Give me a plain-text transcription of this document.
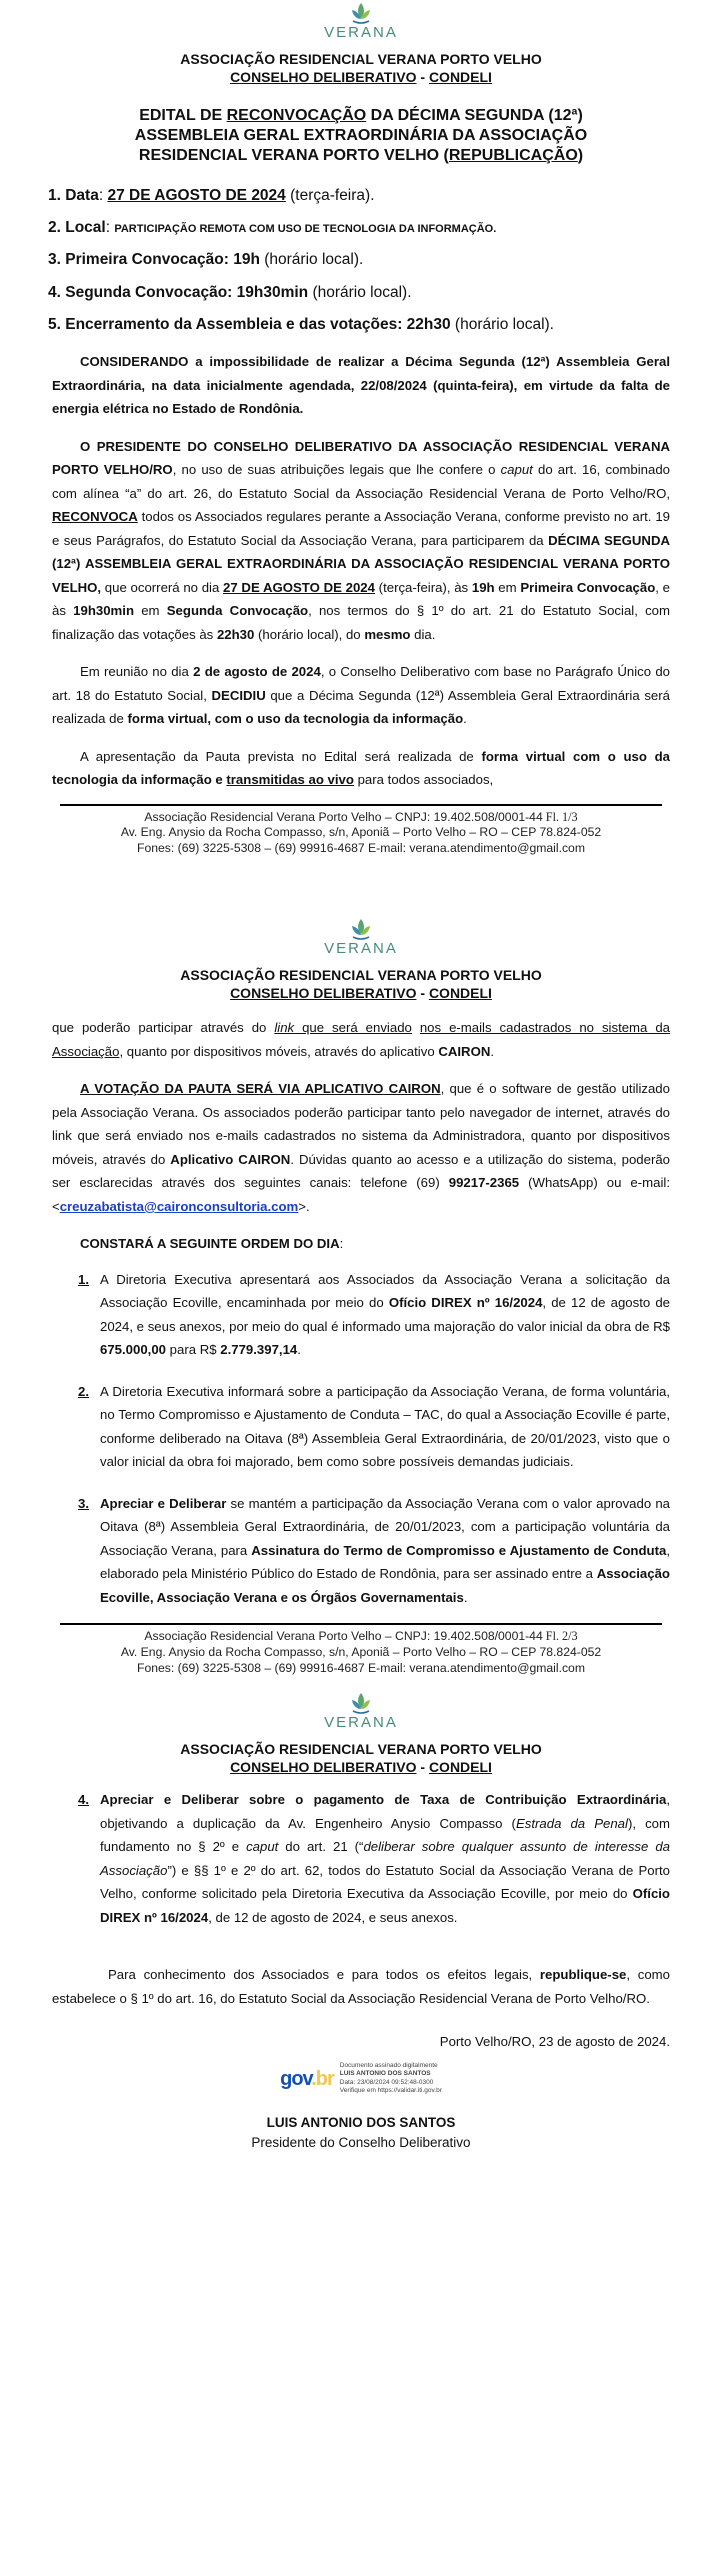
VERANA
ASSOCIAÇÃO RESIDENCIAL VERANA PORTO VELHO
CONSELHO DELIBERATIVO - CONDELI
EDITAL DE RECONVOCAÇÃO DA DÉCIMA SEGUNDA (12ª)
ASSEMBLEIA GERAL EXTRAORDINÁRIA DA ASSOCIAÇÃO
RESIDENCIAL VERANA PORTO VELHO (REPUBLICAÇÃO)
1. Data: 27 DE AGOSTO DE 2024 (terça-feira).
2. Local: PARTICIPAÇÃO REMOTA COM USO DE TECNOLOGIA DA INFORMAÇÃO.
3. Primeira Convocação: 19h (horário local).
4. Segunda Convocação: 19h30min (horário local).
5. Encerramento da Assembleia e das votações: 22h30 (horário local).

CONSIDERANDO a impossibilidade de realizar a Décima Segunda (12ª) Assembleia Geral Extraordinária, na data inicialmente agendada, 22/08/2024 (quinta-feira), em virtude da falta de energia elétrica no Estado de Rondônia.

O PRESIDENTE DO CONSELHO DELIBERATIVO DA ASSOCIAÇÃO RESIDENCIAL VERANA PORTO VELHO/RO, no uso de suas atribuições legais que lhe confere o caput do art. 16, combinado com alínea “a” do art. 26, do Estatuto Social da Associação Residencial Verana de Porto Velho/RO, RECONVOCA todos os Associados regulares perante a Associação Verana, conforme previsto no art. 19 e seus Parágrafos, do Estatuto Social da Associação Verana, para participarem da DÉCIMA SEGUNDA (12ª) ASSEMBLEIA GERAL EXTRAORDINÁRIA DA ASSOCIAÇÃO RESIDENCIAL VERANA PORTO VELHO, que ocorrerá no dia 27 DE AGOSTO DE 2024 (terça-feira), às 19h em Primeira Convocação, e às 19h30min em Segunda Convocação, nos termos do § 1º do art. 21 do Estatuto Social, com finalização das votações às 22h30 (horário local), do mesmo dia.

Em reunião no dia 2 de agosto de 2024, o Conselho Deliberativo com base no Parágrafo Único do art. 18 do Estatuto Social, DECIDIU que a Décima Segunda (12ª) Assembleia Geral Extraordinária será realizada de forma virtual, com o uso da tecnologia da informação.

A apresentação da Pauta prevista no Edital será realizada de forma virtual com o uso da tecnologia da informação e transmitidas ao vivo para todos associados,

Associação Residencial Verana Porto Velho – CNPJ: 19.402.508/0001-44 Fl. 1/3
Av. Eng. Anysio da Rocha Compasso, s/n, Aponiã – Porto Velho – RO – CEP 78.824-052
Fones: (69) 3225-5308 – (69) 99916-4687 E-mail: verana.atendimento@gmail.com
VERANA
ASSOCIAÇÃO RESIDENCIAL VERANA PORTO VELHO
CONSELHO DELIBERATIVO - CONDELI

que poderão participar através do link que será enviado nos e-mails cadastrados no sistema da Associação, quanto por dispositivos móveis, através do aplicativo CAIRON.

A VOTAÇÃO DA PAUTA SERÁ VIA APLICATIVO CAIRON, que é o software de gestão utilizado pela Associação Verana. Os associados poderão participar tanto pelo navegador de internet, através do link que será enviado nos e-mails cadastrados no sistema da Administradora, quanto por dispositivos móveis, através do Aplicativo CAIRON. Dúvidas quanto ao acesso e a utilização do sistema, poderão ser esclarecidas através dos seguintes canais: telefone (69) 99217-2365 (WhatsApp) ou e-mail: <creuzabatista@caironconsultoria.com>.

CONSTARÁ A SEGUINTE ORDEM DO DIA:

1. A Diretoria Executiva apresentará aos Associados da Associação Verana a solicitação da Associação Ecoville, encaminhada por meio do Ofício DIREX nº 16/2024, de 12 de agosto de 2024, e seus anexos, por meio do qual é informado uma majoração do valor inicial da obra de R$ 675.000,00 para R$ 2.779.397,14.
2. A Diretoria Executiva informará sobre a participação da Associação Verana, de forma voluntária, no Termo Compromisso e Ajustamento de Conduta – TAC, do qual a Associação Ecoville é parte, conforme deliberado na Oitava (8ª) Assembleia Geral Extraordinária, de 20/01/2023, visto que o valor inicial da obra foi majorado, bem como sobre possíveis demandas judiciais.
3. Apreciar e Deliberar se mantém a participação da Associação Verana com o valor aprovado na Oitava (8ª) Assembleia Geral Extraordinária, de 20/01/2023, com a participação voluntária da Associação Verana, para Assinatura do Termo de Compromisso e Ajustamento de Conduta, elaborado pela Ministério Público do Estado de Rondônia, para ser assinado entre a Associação Ecoville, Associação Verana e os Órgãos Governamentais.
Associação Residencial Verana Porto Velho – CNPJ: 19.402.508/0001-44 Fl. 2/3
Av. Eng. Anysio da Rocha Compasso, s/n, Aponiã – Porto Velho – RO – CEP 78.824-052
Fones: (69) 3225-5308 – (69) 99916-4687 E-mail: verana.atendimento@gmail.com
VERANA
ASSOCIAÇÃO RESIDENCIAL VERANA PORTO VELHO
CONSELHO DELIBERATIVO - CONDELI
4. Apreciar e Deliberar sobre o pagamento de Taxa de Contribuição Extraordinária, objetivando a duplicação da Av. Engenheiro Anysio Compasso (Estrada da Penal), com fundamento no § 2º e caput do art. 21 (“deliberar sobre qualquer assunto de interesse da Associação”) e §§ 1º e 2º do art. 62, todos do Estatuto Social da Associação Verana de Porto Velho, conforme solicitado pela Diretoria Executiva da Associação Ecoville, por meio do Ofício DIREX nº 16/2024, de 12 de agosto de 2024, e seus anexos.

Para conhecimento dos Associados e para todos os efeitos legais, republique-se, como estabelece o § 1º do art. 16, do Estatuto Social da Associação Residencial Verana de Porto Velho/RO.

Porto Velho/RO, 23 de agosto de 2024.
gov.br
Documento assinado digitalmente
LUIS ANTONIO DOS SANTOS
Data: 23/08/2024 09:52:48-0300
Verifique em https://validar.iti.gov.br
LUIS ANTONIO DOS SANTOS
Presidente do Conselho Deliberativo
